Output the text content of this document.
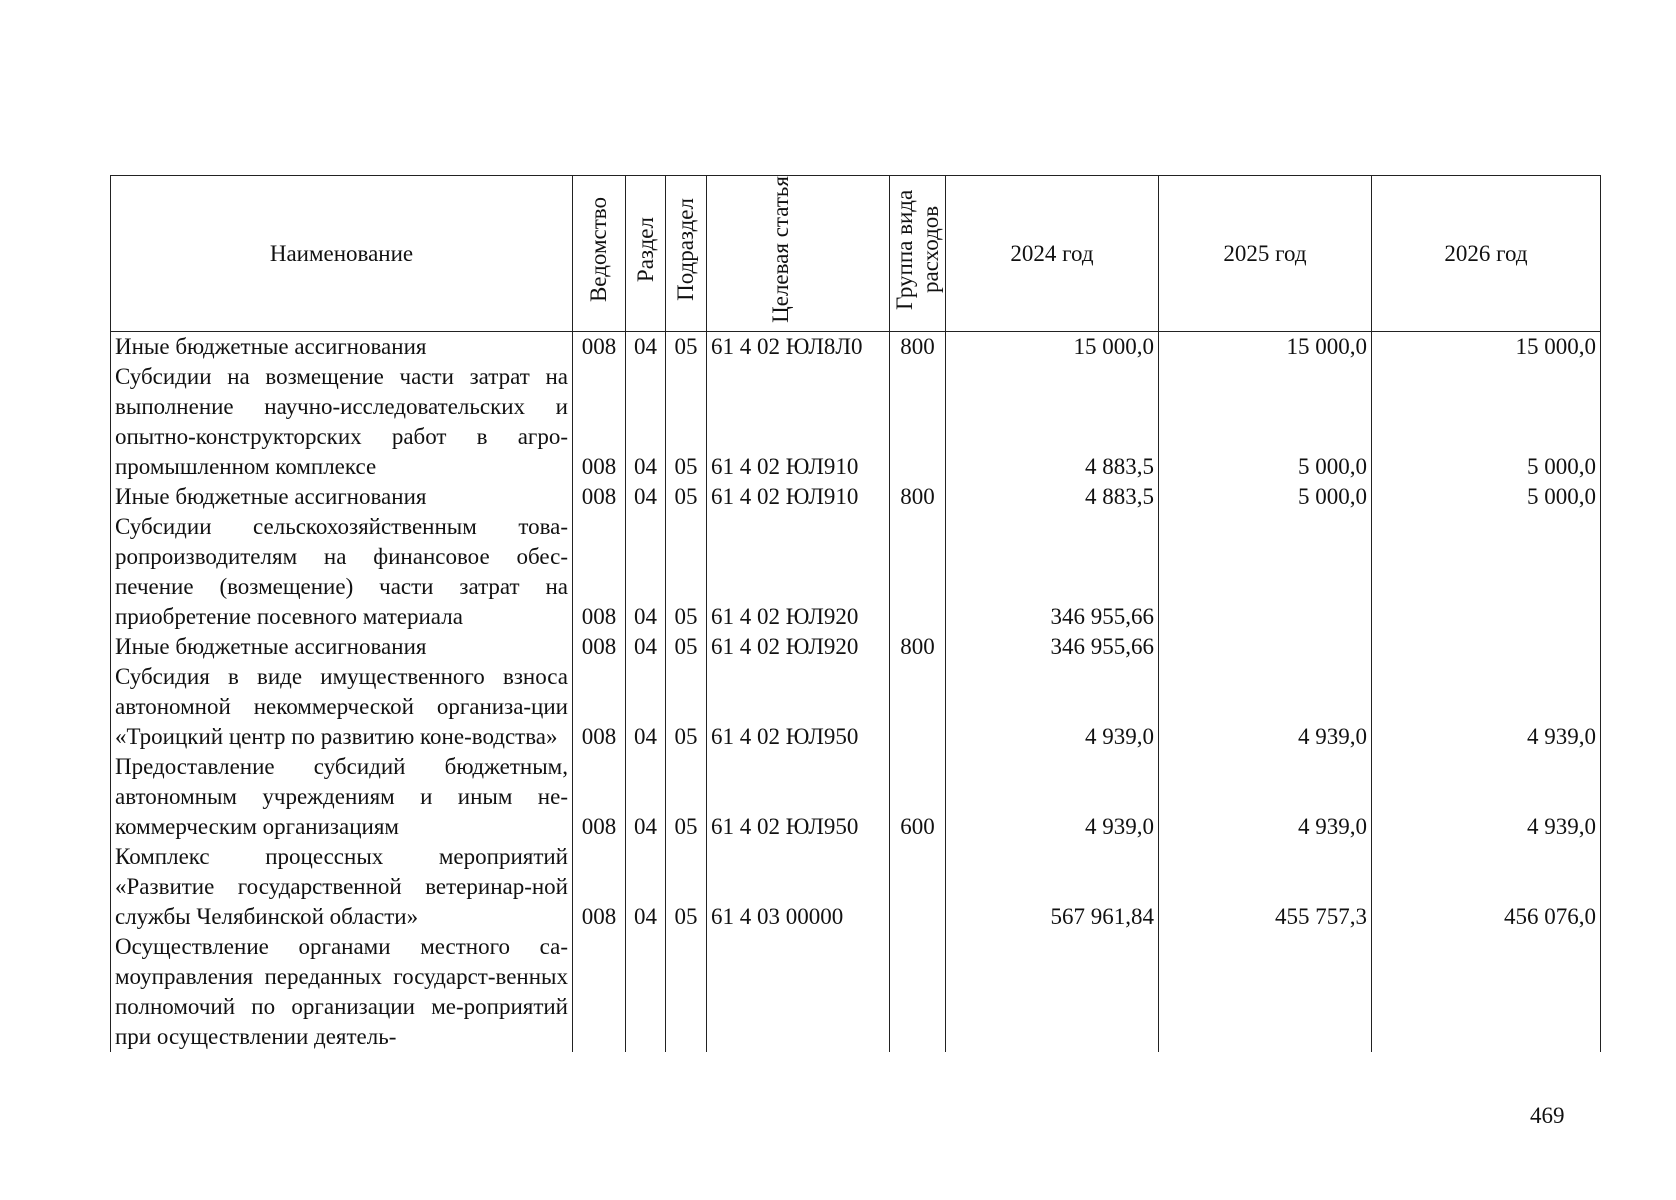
Наименование	Ведомство	Раздел	Подраздел	Целевая статья	Группа вида расходов	2024 год	2025 год	2026 год
Иные бюджетные ассигнования	008	04	05	61 4 02 ЮЛ8Л0	800	15 000,0	15 000,0	15 000,0
Субсидии на возмещение части затрат на выполнение научно-исследовательских и опытно-конструкторских работ в агро-промышленном комплексе	008	04	05	61 4 02 ЮЛ910		4 883,5	5 000,0	5 000,0
Иные бюджетные ассигнования	008	04	05	61 4 02 ЮЛ910	800	4 883,5	5 000,0	5 000,0
Субсидии сельскохозяйственным това-ропроизводителям на финансовое обес-печение (возмещение) части затрат на приобретение посевного материала	008	04	05	61 4 02 ЮЛ920		346 955,66		
Иные бюджетные ассигнования	008	04	05	61 4 02 ЮЛ920	800	346 955,66		
Субсидия в виде имущественного взноса автономной некоммерческой организа-ции «Троицкий центр по развитию коне-водства»	008	04	05	61 4 02 ЮЛ950		4 939,0	4 939,0	4 939,0
Предоставление субсидий бюджетным, автономным учреждениям и иным не-коммерческим организациям	008	04	05	61 4 02 ЮЛ950	600	4 939,0	4 939,0	4 939,0
Комплекс процессных мероприятий «Развитие государственной ветеринар-ной службы Челябинской области»	008	04	05	61 4 03 00000		567 961,84	455 757,3	456 076,0
Осуществление органами местного са-моуправления переданных государст-венных полномочий по организации ме-роприятий при осуществлении деятель-								
469
